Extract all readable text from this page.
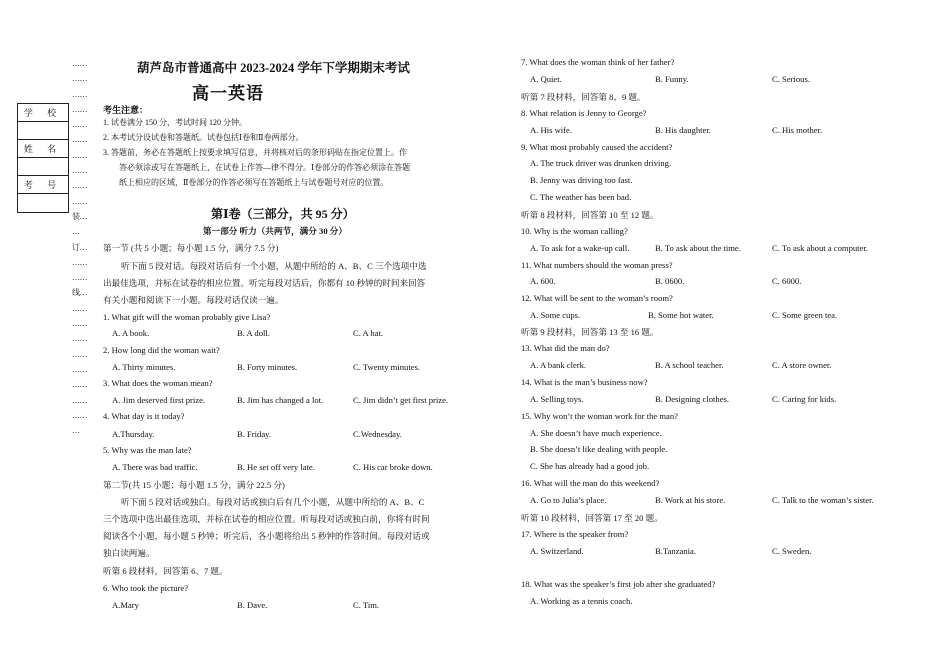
……
……
……
……
……
……
……
……
……
……
装…
…
订…
……
……
线…
……
……
……
……
……
……
……
……
…
学 校
姓 名
考 号
葫芦岛市普通高中 2023-2024 学年下学期期末考试
高一英语
考生注意：
1. 试卷满分 150 分，考试时间 120 分钟。
2. 本考试分设试卷和答题纸。试卷包括Ⅰ卷和Ⅱ卷两部分。
3. 答题前，务必在答题纸上按要求填写信息，并将核对后的条形码贴在指定位置上。作
答必须涂或写在答题纸上，在试卷上作答—律不得分。Ⅰ卷部分的作答必须涂在答题
纸上相应的区域，Ⅱ卷部分的作答必须写在答题纸上与试卷题号对应的位置。
第Ⅰ卷（三部分，共 95 分）
第一部分 听力（共两节，满分 30 分）
第一节 (共 5 小题；每小题 1.5 分，满分 7.5 分)
听下面 5 段对话。每段对话后有一个小题，从题中所给的 A、B、C 三个选项中选
出最佳选项，并标在试卷的相应位置。听完每段对话后，你都有 10 秒钟的时间来回答
有关小题和阅读下一小题。每段对话仅读一遍。
1. What gift will the woman probably give Lisa?
A. A book.	B. A doll.	C. A hat.
2. How long did the woman wait?
A. Thirty minutes.	B. Forty minutes.	C. Twenty minutes.
3. What does the woman mean?
A. Jim deserved first prize.	B. Jim has changed a lot.	C. Jim didn’t get first prize.
4. What day is it today?
A.Thursday.	B. Friday.	C.Wednesday.
5. Why was the man late?
A. There was bad traffic.	B. He set off very late.	C. His car broke down.
第二节(共 15 小题；每小题 1.5 分，满分 22.5 分)
听下面 5 段对话或独白。每段对话或独白后有几个小题，从题中所给的 A、B、C
三个选项中选出最佳选项，并标在试卷的相应位置。听每段对话或独白前，你将有时间
阅读各个小题，每小题 5 秒钟；听完后，各小题将给出 5 秒钟的作答时间。每段对话或
独白读两遍。
听第 6 段材料，回答第 6、7 题。
6. Who took the picture?
A.Mary	B. Dave.	C. Tim.
7. What does the woman think of her father?
A. Quiet.	B. Funny.	C. Serious.
听第 7 段材料，回答第 8、9 题。
8. What relation is Jenny to George?
A. His wife.	B. His daughter.	C. His mother.
9. What most probably caused the accident?
A. The truck driver was drunken driving.
B. Jenny was driving too fast.
C. The weather has been bad.
听第 8 段材料，回答第 10 至 12 题。
10. Why is the woman calling?
A. To ask for a wake-up call.	B. To ask about the time.	C. To ask about a computer.
11. What numbers should the woman press?
A. 600.	B. 0600.	C. 6000.
12. What will be sent to the woman’s room?
A. Some cups.	B. Some hot water.	C. Some green tea.
听第 9 段材料，回答第 13 至 16 题。
13. What did the man do?
A. A bank clerk.	B. A school teacher.	C. A store owner.
14. What is the man’s business now?
A. Selling toys.	B. Designing clothes.	C. Caring for kids.
15. Why won’t the woman work for the man?
A. She doesn’t have much experience.
B. She doesn’t like dealing with people.
C. She has already had a good job.
16. What will the man do this weekend?
A. Go to Julia’s place.	B. Work at his store.	C. Talk to the woman’s sister.
听第 10 段材料，回答第 17 至 20 题。
17. Where is the speaker from?
A. Switzerland.	B.Tanzania.	C. Sweden.
18. What was the speaker’s first job after she graduated?
A. Working as a tennis coach.
